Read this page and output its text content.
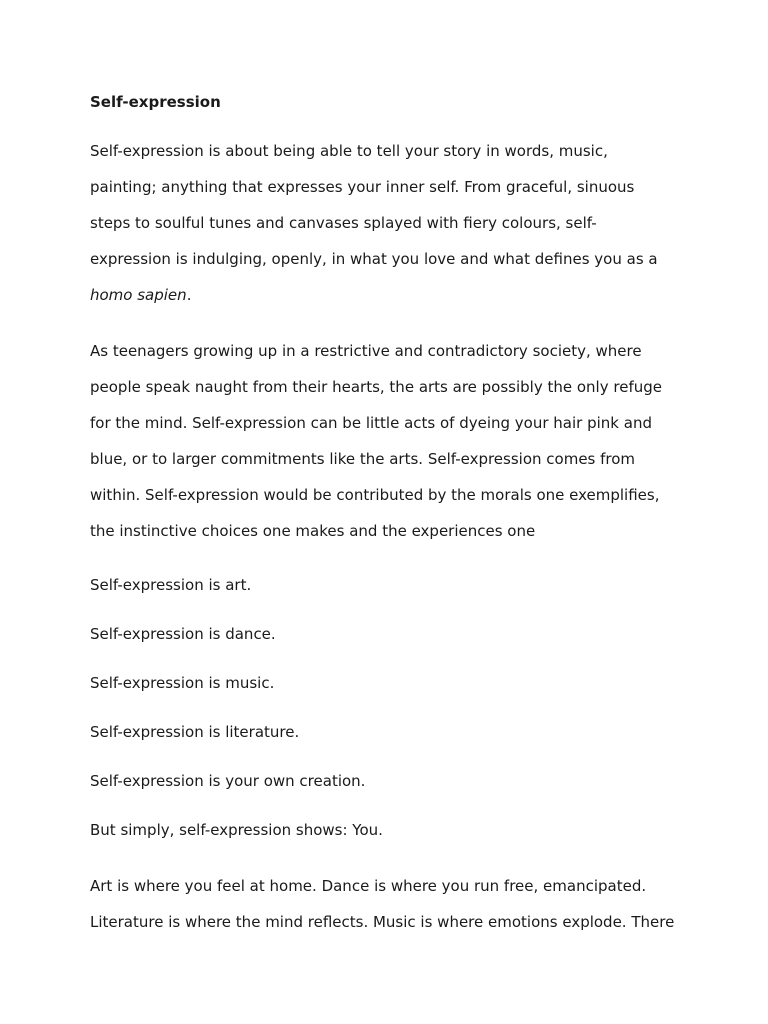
Self-expression
Self-expression is about being able to tell your story in words, music,
painting; anything that expresses your inner self. From graceful, sinuous
steps to soulful tunes and canvases splayed with fiery colours, self-
expression is indulging, openly, in what you love and what defines you as a
homo sapien.
As teenagers growing up in a restrictive and contradictory society, where
people speak naught from their hearts, the arts are possibly the only refuge
for the mind. Self-expression can be little acts of dyeing your hair pink and
blue, or to larger commitments like the arts. Self-expression comes from
within. Self-expression would be contributed by the morals one exemplifies,
the instinctive choices one makes and the experiences one

Self-expression is art.

Self-expression is dance.

Self-expression is music.

Self-expression is literature.

Self-expression is your own creation.

But simply, self-expression shows: You.

Art is where you feel at home. Dance is where you run free, emancipated.
Literature is where the mind reflects. Music is where emotions explode. There
